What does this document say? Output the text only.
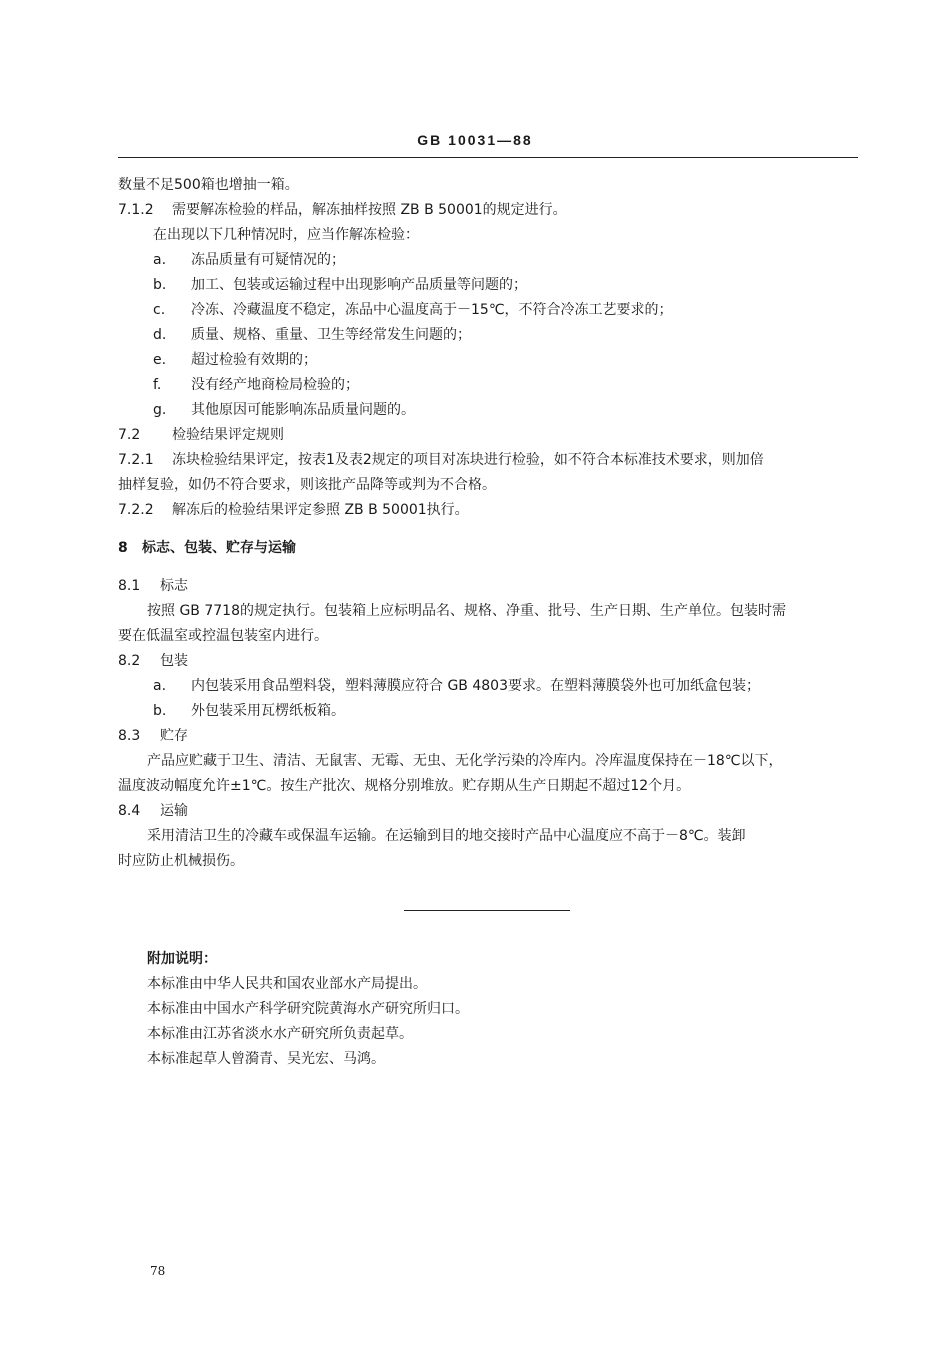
GB 10031—88
数量不足500箱也增抽一箱。
7.1.2 需要解冻检验的样品，解冻抽样按照 ZB B 50001的规定进行。
在出现以下几种情况时，应当作解冻检验：
a. 冻品质量有可疑情况的；
b. 加工、包装或运输过程中出现影响产品质量等问题的；
c. 冷冻、冷藏温度不稳定，冻品中心温度高于－15℃，不符合冷冻工艺要求的；
d. 质量、规格、重量、卫生等经常发生问题的；
e. 超过检验有效期的；
f. 没有经产地商检局检验的；
g. 其他原因可能影响冻品质量问题的。
7.2 检验结果评定规则
7.2.1 冻块检验结果评定，按表1及表2规定的项目对冻块进行检验，如不符合本标准技术要求，则加倍
抽样复验，如仍不符合要求，则该批产品降等或判为不合格。
7.2.2 解冻后的检验结果评定参照 ZB B 50001执行。
8 标志、包装、贮存与运输
8.1 标志
按照 GB 7718的规定执行。包装箱上应标明品名、规格、净重、批号、生产日期、生产单位。包装时需
要在低温室或控温包装室内进行。
8.2 包装
a. 内包装采用食品塑料袋，塑料薄膜应符合 GB 4803要求。在塑料薄膜袋外也可加纸盒包装；
b. 外包装采用瓦楞纸板箱。
8.3 贮存
产品应贮藏于卫生、清洁、无鼠害、无霉、无虫、无化学污染的冷库内。冷库温度保持在－18℃以下，
温度波动幅度允许±1℃。按生产批次、规格分别堆放。贮存期从生产日期起不超过12个月。
8.4 运输
采用清洁卫生的冷藏车或保温车运输。在运输到目的地交接时产品中心温度应不高于－8℃。装卸
时应防止机械损伤。
附加说明：
本标准由中华人民共和国农业部水产局提出。
本标准由中国水产科学研究院黄海水产研究所归口。
本标准由江苏省淡水水产研究所负责起草。
本标准起草人曾漪青、吴光宏、马鸿。
78
